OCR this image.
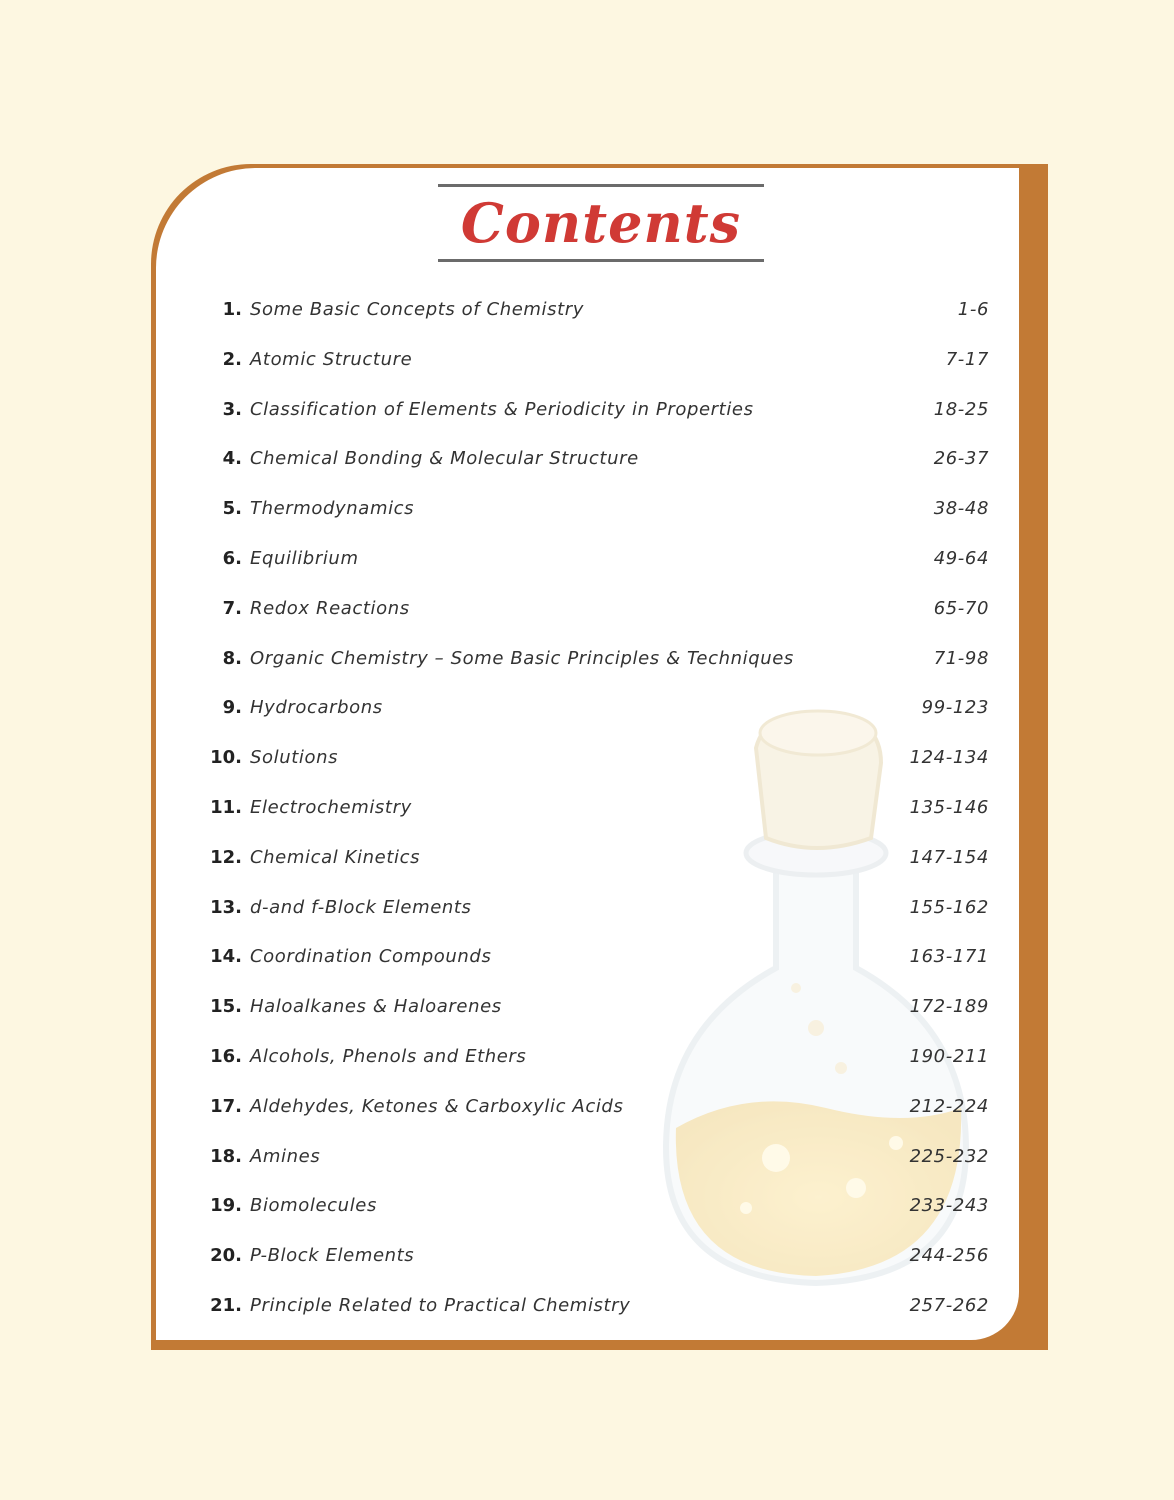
Contents
1. Some Basic Concepts of Chemistry	1-6
2. Atomic Structure	7-17
3. Classification of Elements & Periodicity in Properties	18-25
4. Chemical Bonding & Molecular Structure	26-37
5. Thermodynamics	38-48
6. Equilibrium	49-64
7. Redox Reactions	65-70
8. Organic Chemistry – Some Basic Principles & Techniques	71-98
9. Hydrocarbons	99-123
10. Solutions	124-134
11. Electrochemistry	135-146
12. Chemical Kinetics	147-154
13. d-and f-Block Elements	155-162
14. Coordination Compounds	163-171
15. Haloalkanes & Haloarenes	172-189
16. Alcohols, Phenols and Ethers	190-211
17. Aldehydes, Ketones & Carboxylic Acids	212-224
18. Amines	225-232
19. Biomolecules	233-243
20. P-Block Elements	244-256
21. Principle Related to Practical Chemistry	257-262
